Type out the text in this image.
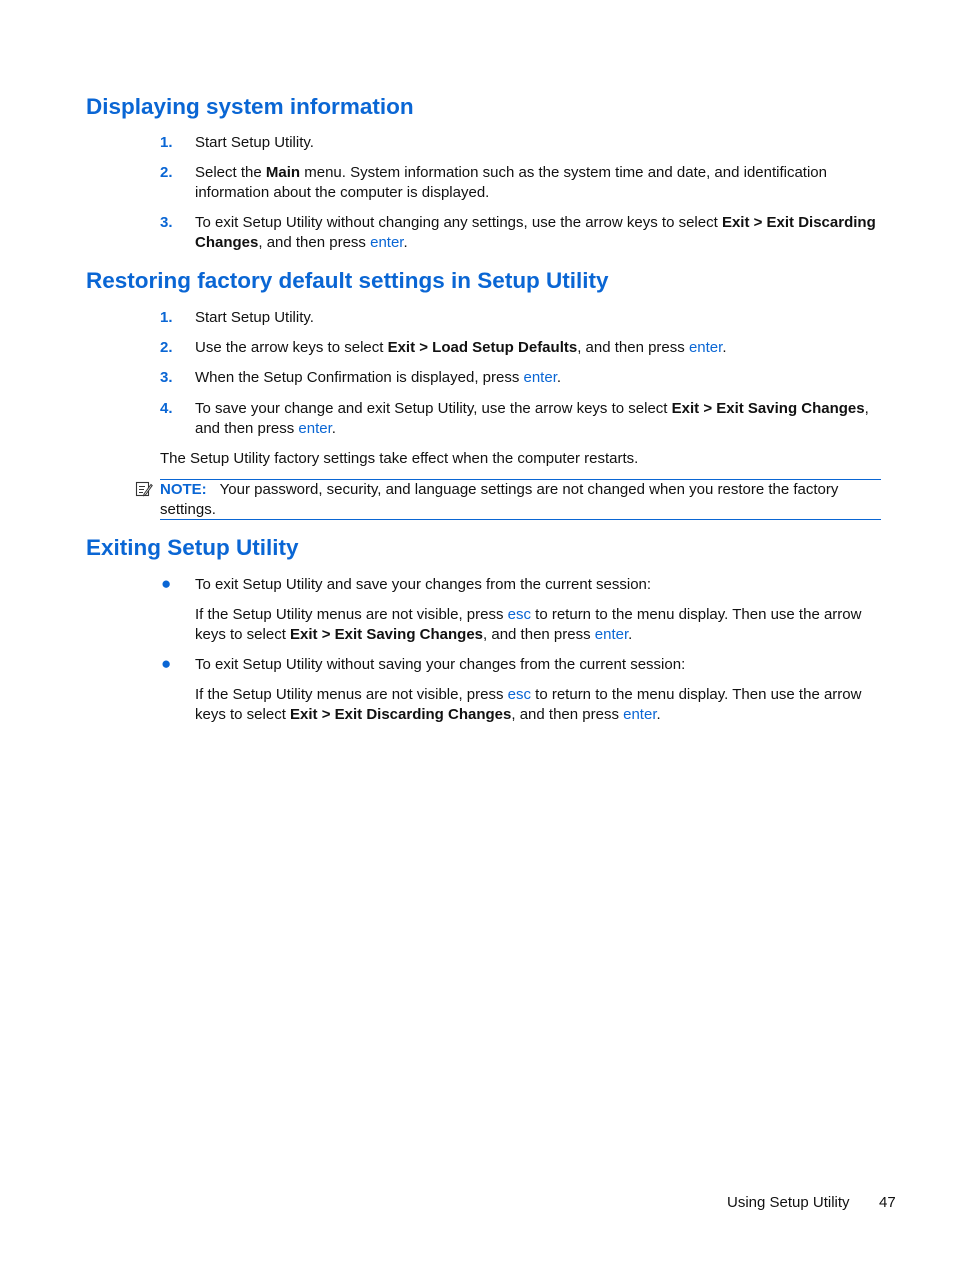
Displaying system information
1.	Start Setup Utility.
2.	Select the Main menu. System information such as the system time and date, and identification information about the computer is displayed.
3.	To exit Setup Utility without changing any settings, use the arrow keys to select Exit > Exit Discarding Changes, and then press enter.
Restoring factory default settings in Setup Utility
1.	Start Setup Utility.
2.	Use the arrow keys to select Exit > Load Setup Defaults, and then press enter.
3.	When the Setup Confirmation is displayed, press enter.
4.	To save your change and exit Setup Utility, use the arrow keys to select Exit > Exit Saving Changes, and then press enter.
The Setup Utility factory settings take effect when the computer restarts.
NOTE: Your password, security, and language settings are not changed when you restore the factory settings.
Exiting Setup Utility
● To exit Setup Utility and save your changes from the current session:
If the Setup Utility menus are not visible, press esc to return to the menu display. Then use the arrow keys to select Exit > Exit Saving Changes, and then press enter.
● To exit Setup Utility without saving your changes from the current session:
If the Setup Utility menus are not visible, press esc to return to the menu display. Then use the arrow keys to select Exit > Exit Discarding Changes, and then press enter.
Using Setup Utility 47
